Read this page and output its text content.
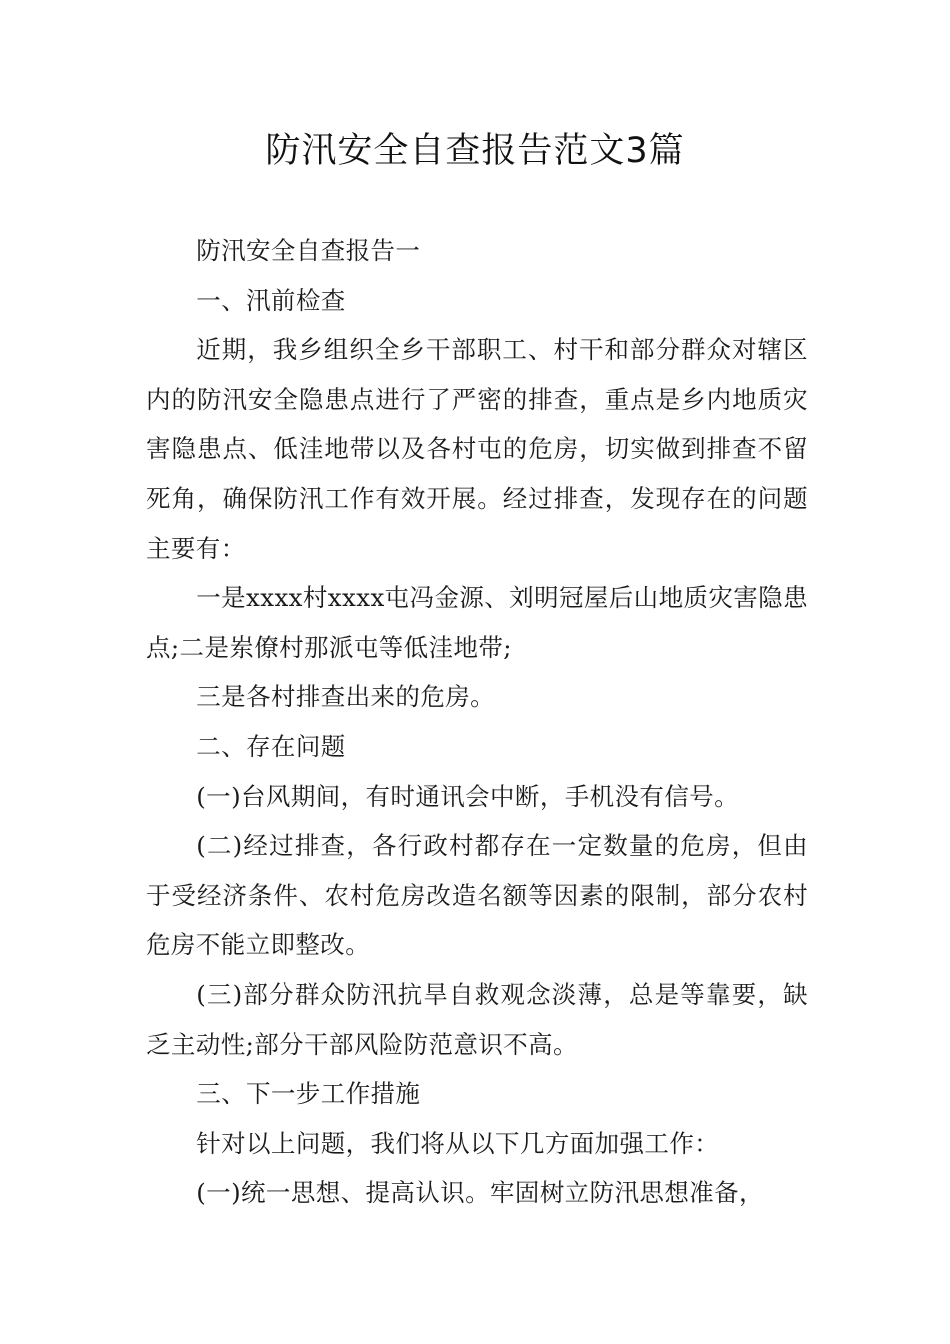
防汛安全自查报告范文3篇

防汛安全自查报告一

一、汛前检查

近期，我乡组织全乡干部职工、村干和部分群众对辖区内的防汛安全隐患点进行了严密的排查，重点是乡内地质灾害隐患点、低洼地带以及各村屯的危房，切实做到排查不留死角，确保防汛工作有效开展。经过排查，发现存在的问题主要有：

一是xxxx村xxxx屯冯金源、刘明冠屋后山地质灾害隐患点;二是岽僚村那派屯等低洼地带;

三是各村排查出来的危房。

二、存在问题

(一)台风期间，有时通讯会中断，手机没有信号。

(二)经过排查，各行政村都存在一定数量的危房，但由于受经济条件、农村危房改造名额等因素的限制，部分农村危房不能立即整改。

(三)部分群众防汛抗旱自救观念淡薄，总是等靠要，缺乏主动性;部分干部风险防范意识不高。

三、下一步工作措施

针对以上问题，我们将从以下几方面加强工作：

(一)统一思想、提高认识。牢固树立防汛思想准备，
